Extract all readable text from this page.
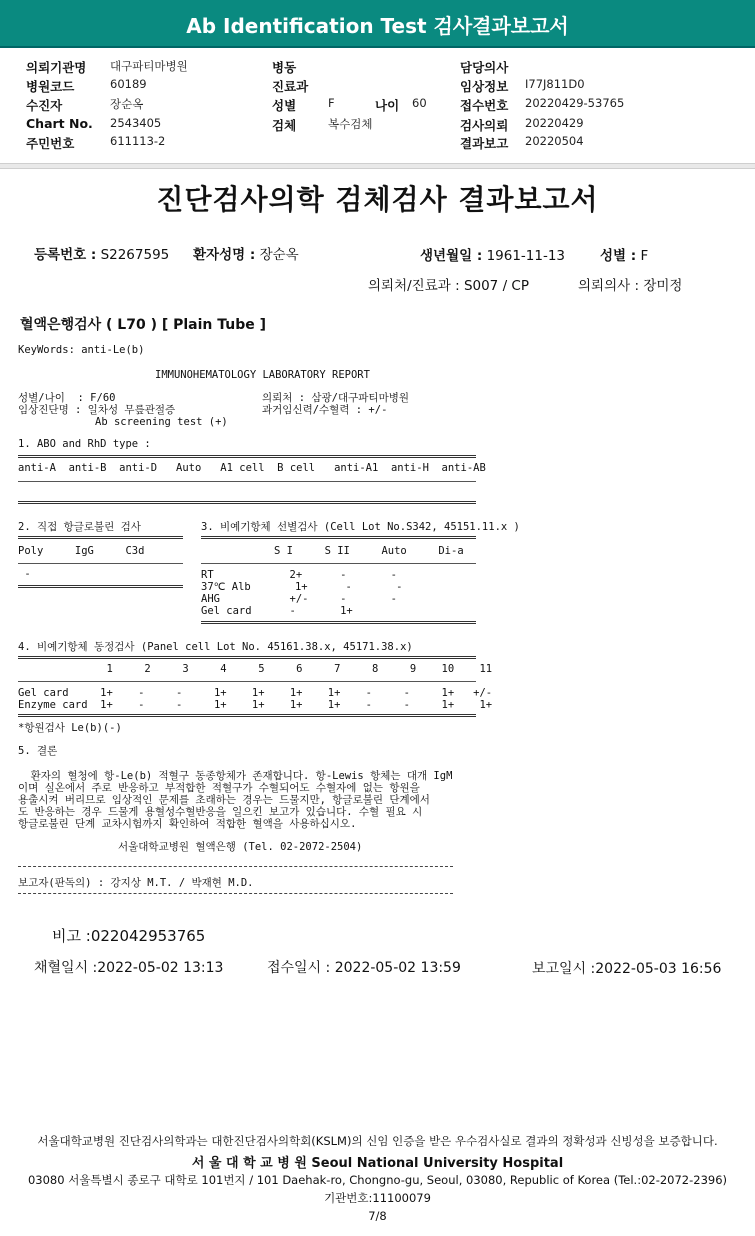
Ab Identification Test 검사결과보고서
의뢰기관명 대구파티마병원
병원코드	60189
수진자	장순옥
Chart No. 2543405
주민번호	611113-2
병동
진료과
성별	F	나이 60
검체	복수검체
담당의사
임상정보 I77J811D0
접수번호 20220429-53765
검사의뢰 20220429
결과보고 20220504
진단검사의학 검체검사 결과보고서
등록번호 : S2267595 환자성명 : 장순옥	생년월일 : 1961-11-13	성별 : F
의뢰처/진료과 : S007 / CP	의뢰의사 : 장미정
혈액은행검사 ( L70 ) [ Plain Tube ]
KeyWords: anti-Le(b)
IMMUNOHEMATOLOGY LABORATORY REPORT
성별/나이  : F/60
임상진단명 : 일차성 무릎관절증
Ab screening test (+)
의뢰처 : 삼광/대구파티마병원
과거임신력/수혈력 : +/-
1. ABO and RhD type :
anti-A  anti-B  anti-D   Auto   A1 cell  B cell   anti-A1  anti-H  anti-AB
2. 직접 항글로불린 검사
Poly     IgG     C3d
-
3. 비예기항체 선별검사 (Cell Lot No.S342, 45151.11.x )
S I     S II     Auto     Di-a
RT            2+      -       -
37℃ Alb       1+      -       -
AHG           +/-     -       -
Gel card      -       1+
4. 비예기항체 동정검사 (Panel cell Lot No. 45161.38.x, 45171.38.x)
1     2     3     4     5     6     7     8     9    10    11
Gel card     1+    -     -     1+    1+    1+    1+    -     -     1+   +/-
Enzyme card  1+    -     -     1+    1+    1+    1+    -     -     1+    1+
*항원검사 Le(b)(-)
5. 결론
환자의 혈청에 항-Le(b) 적혈구 동종항체가 존재합니다. 항-Lewis 항체는 대개 IgM
이며 실온에서 주로 반응하고 부적합한 적혈구가 수혈되어도 수혈자에 없는 항원을
용출시켜 버리므로 임상적인 문제를 초래하는 경우는 드물지만, 항글로불린 단계에서
도 반응하는 경우 드물게 용혈성수혈반응을 일으킨 보고가 있습니다. 수혈 필요 시
항글로불린 단계 교차시험까지 확인하여 적합한 혈액을 사용하십시오.
서울대학교병원 혈액은행 (Tel. 02-2072-2504)
보고자(판독의) : 강지상 M.T. / 박재현 M.D.
비고 :022042953765
채혈일시 :2022-05-02 13:13	접수일시 : 2022-05-02 13:59	보고일시 :2022-05-03 16:56
서울대학교병원 진단검사의학과는 대한진단검사의학회(KSLM)의 신임 인증을 받은 우수검사실로 결과의 정확성과 신빙성을 보증합니다.
서 울 대 학 교 병 원 Seoul National University Hospital
03080 서울특별시 종로구 대학로 101번지 / 101 Daehak-ro, Chongno-gu, Seoul, 03080, Republic of Korea (Tel.:02-2072-2396)
기관번호:11100079
7/8
